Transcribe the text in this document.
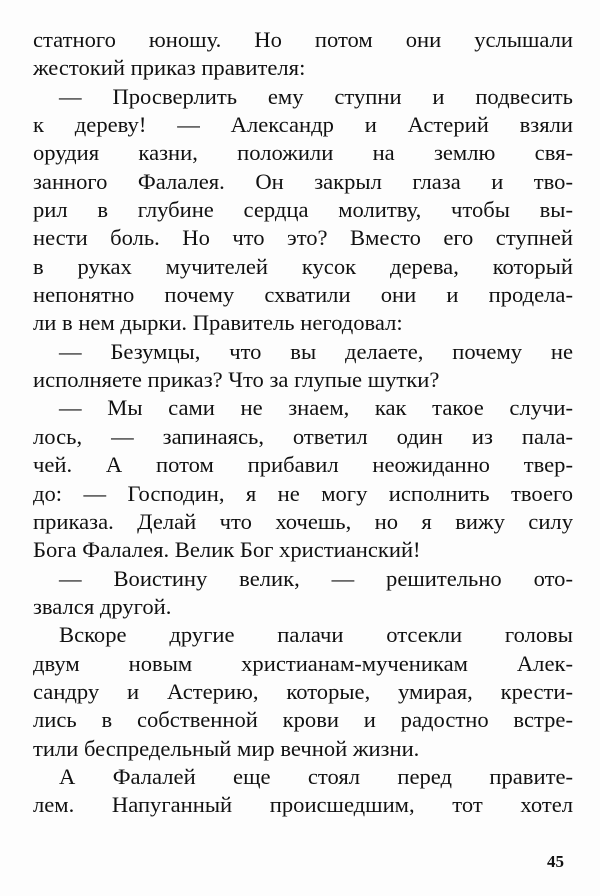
статного юношу. Но потом они услышали
жестокий приказ правителя:
— Просверлить ему ступни и подвесить
к дереву! — Александр и Астерий взяли
орудия казни, положили на землю свя-
занного Фалалея. Он закрыл глаза и тво-
рил в глубине сердца молитву, чтобы вы-
нести боль. Но что это? Вместо его ступней
в руках мучителей кусок дерева, который
непонятно почему схватили они и продела-
ли в нем дырки. Правитель негодовал:
— Безумцы, что вы делаете, почему не
исполняете приказ? Что за глупые шутки?
— Мы сами не знаем, как такое случи-
лось, — запинаясь, ответил один из пала-
чей. А потом прибавил неожиданно твер-
до: — Господин, я не могу исполнить твоего
приказа. Делай что хочешь, но я вижу силу
Бога Фалалея. Велик Бог христианский!
— Воистину велик, — решительно ото-
звался другой.
Вскоре другие палачи отсекли головы
двум новым христианам-мученикам Алек-
сандру и Астерию, которые, умирая, крести-
лись в собственной крови и радостно встре-
тили беспредельный мир вечной жизни.
А Фалалей еще стоял перед правите-
лем. Напуганный происшедшим, тот хотел
45
